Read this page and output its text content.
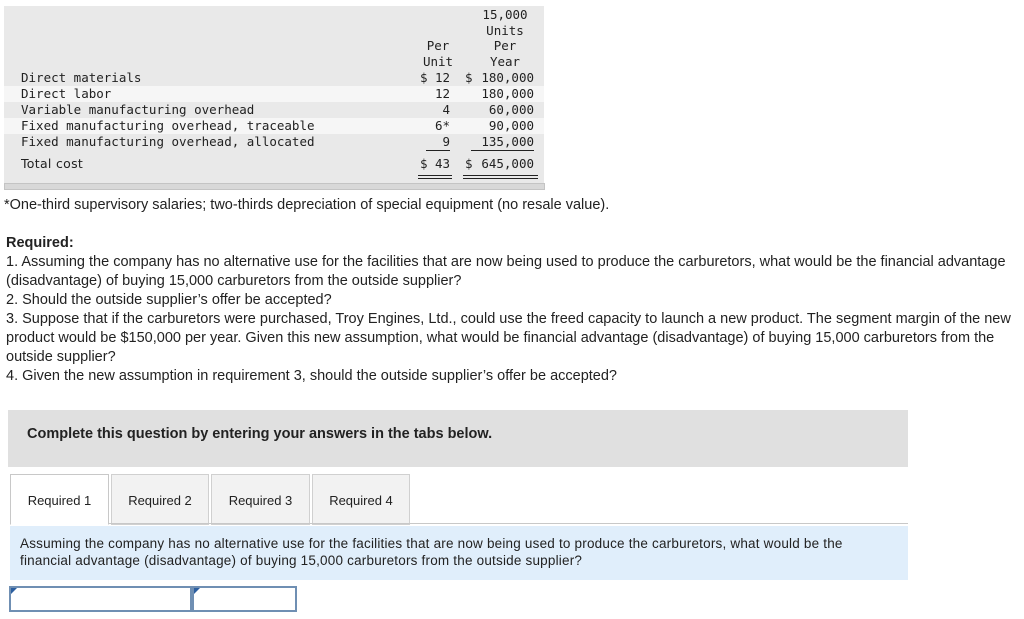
Per
Unit
15,000
Units
Per
Year
Direct materials	$ 12 $ 180,000
Direct labor	12	180,000
Variable manufacturing overhead	4	60,000
Fixed manufacturing overhead, traceable	6*	90,000
Fixed manufacturing overhead, allocated	9	135,000
Total cost	$ 43 $ 645,000
*One-third supervisory salaries; two-thirds depreciation of special equipment (no resale value).
Required:
1. Assuming the company has no alternative use for the facilities that are now being used to produce the carburetors, what would be the financial advantage (disadvantage) of buying 15,000 carburetors from the outside supplier?
2. Should the outside supplier’s offer be accepted?
3. Suppose that if the carburetors were purchased, Troy Engines, Ltd., could use the freed capacity to launch a new product. The segment margin of the new product would be $150,000 per year. Given this new assumption, what would be financial advantage (disadvantage) of buying 15,000 carburetors from the outside supplier?
4. Given the new assumption in requirement 3, should the outside supplier’s offer be accepted?
Complete this question by entering your answers in the tabs below.
Required 1	Required 2	Required 3	Required 4
Assuming the company has no alternative use for the facilities that are now being used to produce the carburetors, what would be the financial advantage (disadvantage) of buying 15,000 carburetors from the outside supplier?
